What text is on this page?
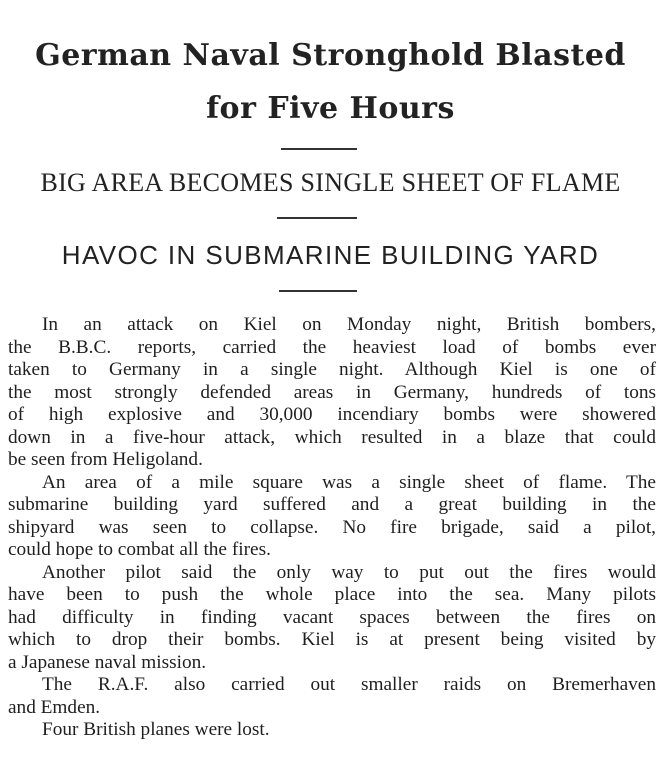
German Naval Stronghold Blasted
for Five Hours
BIG AREA BECOMES SINGLE SHEET OF FLAME
HAVOC IN SUBMARINE BUILDING YARD
In an attack on Kiel on Monday night, British bombers,
the B.B.C. reports, carried the heaviest load of bombs ever
taken to Germany in a single night. Although Kiel is one of
the most strongly defended areas in Germany, hundreds of tons
of high explosive and 30,000 incendiary bombs were showered
down in a five-hour attack, which resulted in a blaze that could
be seen from Heligoland.
An area of a mile square was a single sheet of flame. The
submarine building yard suffered and a great building in the
shipyard was seen to collapse. No fire brigade, said a pilot,
could hope to combat all the fires.
Another pilot said the only way to put out the fires would
have been to push the whole place into the sea. Many pilots
had difficulty in finding vacant spaces between the fires on
which to drop their bombs. Kiel is at present being visited by
a Japanese naval mission.
The R.A.F. also carried out smaller raids on Bremerhaven
and Emden.
Four British planes were lost.
